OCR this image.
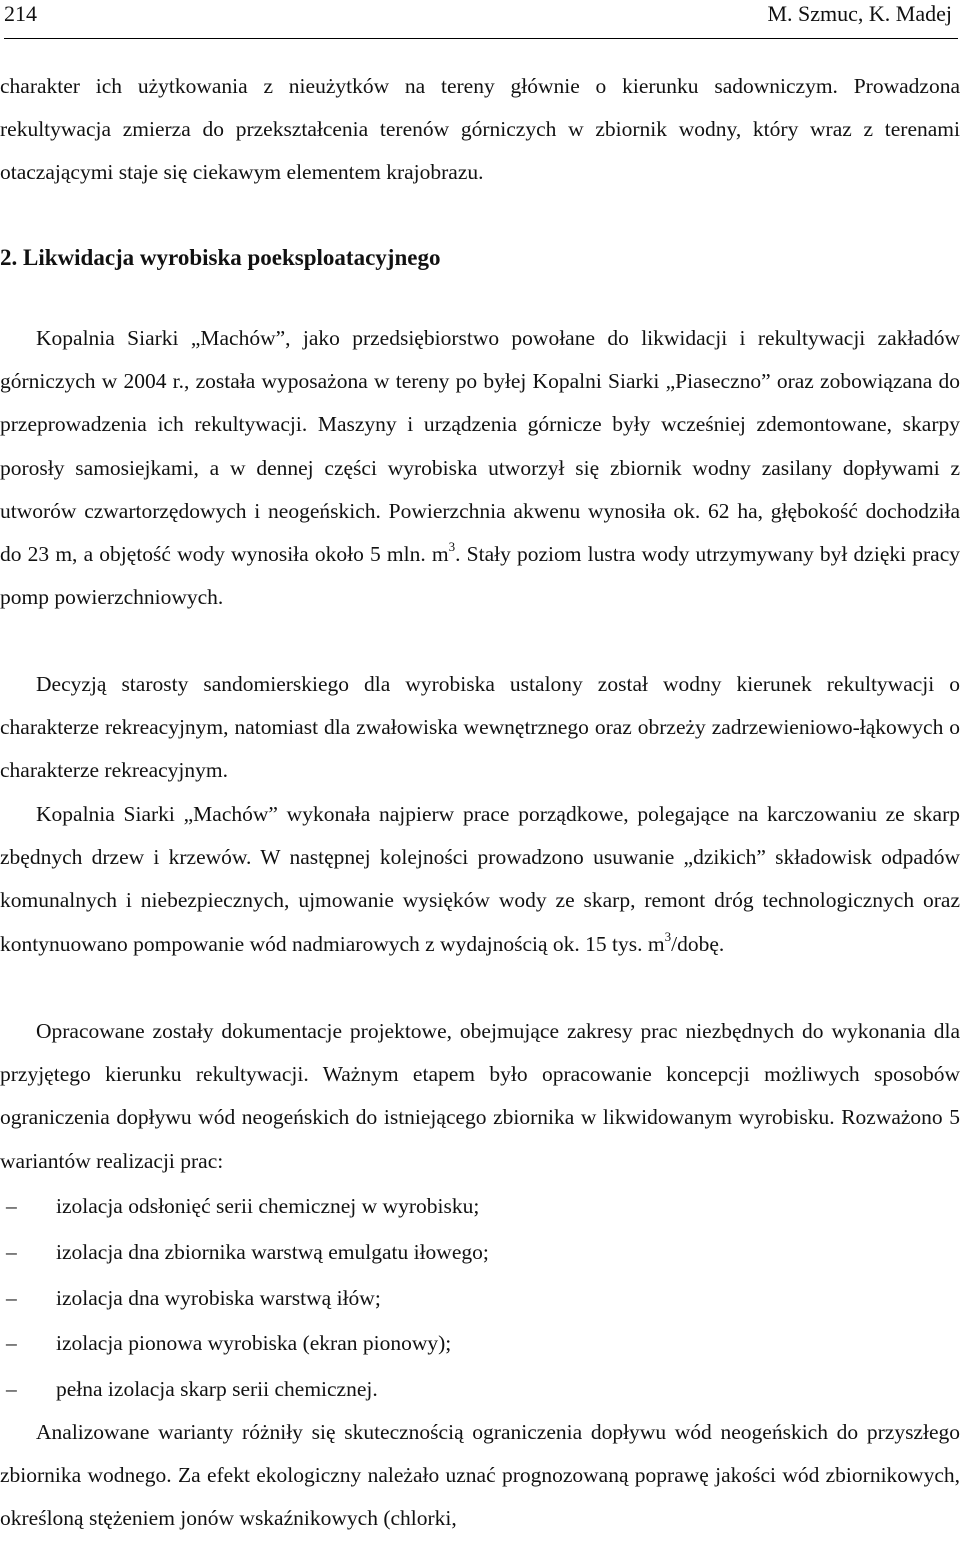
214	M. Szmuc, K. Madej

charakter ich użytkowania z nieużytków na tereny głównie o kierunku sadowniczym. Prowadzona rekultywacja zmierza do przekształcenia terenów górniczych w zbiornik wodny, który wraz z terenami otaczającymi staje się ciekawym elementem krajobrazu.

2. Likwidacja wyrobiska poeksploatacyjnego

Kopalnia Siarki „Machów”, jako przedsiębiorstwo powołane do likwidacji i rekultywacji zakładów górniczych w 2004 r., została wyposażona w tereny po byłej Kopalni Siarki „Piaseczno” oraz zobowiązana do przeprowadzenia ich rekultywacji. Maszyny i urządzenia górnicze były wcześniej zdemontowane, skarpy porosły samosiejkami, a w dennej części wyrobiska utworzył się zbiornik wodny zasilany dopływami z utworów czwartorzędowych i neogeńskich. Powierzchnia akwenu wynosiła ok. 62 ha, głębokość dochodziła do 23 m, a objętość wody wynosiła około 5 mln. $m^3$. Stały poziom lustra wody utrzymywany był dzięki pracy pomp powierzchniowych.

Decyzją starosty sandomierskiego dla wyrobiska ustalony został wodny kierunek rekultywacji o charakterze rekreacyjnym, natomiast dla zwałowiska wewnętrznego oraz obrzeży zadrzewieniowo-łąkowych o charakterze rekreacyjnym.

Kopalnia Siarki „Machów” wykonała najpierw prace porządkowe, polegające na karczowaniu ze skarp zbędnych drzew i krzewów. W następnej kolejności prowadzono usuwanie „dzikich” składowisk odpadów komunalnych i niebezpiecznych, ujmowanie wysięków wody ze skarp, remont dróg technologicznych oraz kontynuowano pompowanie wód nadmiarowych z wydajnością ok. 15 tys. $m^3$/dobę.

Opracowane zostały dokumentacje projektowe, obejmujące zakresy prac niezbędnych do wykonania dla przyjętego kierunku rekultywacji. Ważnym etapem było opracowanie koncepcji możliwych sposobów ograniczenia dopływu wód neogeńskich do istniejącego zbiornika w likwidowanym wyrobisku. Rozważono 5 wariantów realizacji prac:

– izolacja odsłonięć serii chemicznej w wyrobisku;
– izolacja dna zbiornika warstwą emulgatu iłowego;
– izolacja dna wyrobiska warstwą iłów;
– izolacja pionowa wyrobiska (ekran pionowy);
– pełna izolacja skarp serii chemicznej.

Analizowane warianty różniły się skutecznością ograniczenia dopływu wód neogeńskich do przyszłego zbiornika wodnego. Za efekt ekologiczny należało uznać prognozowaną poprawę jakości wód zbiornikowych, określoną stężeniem jonów wskaźnikowych (chlorki,
